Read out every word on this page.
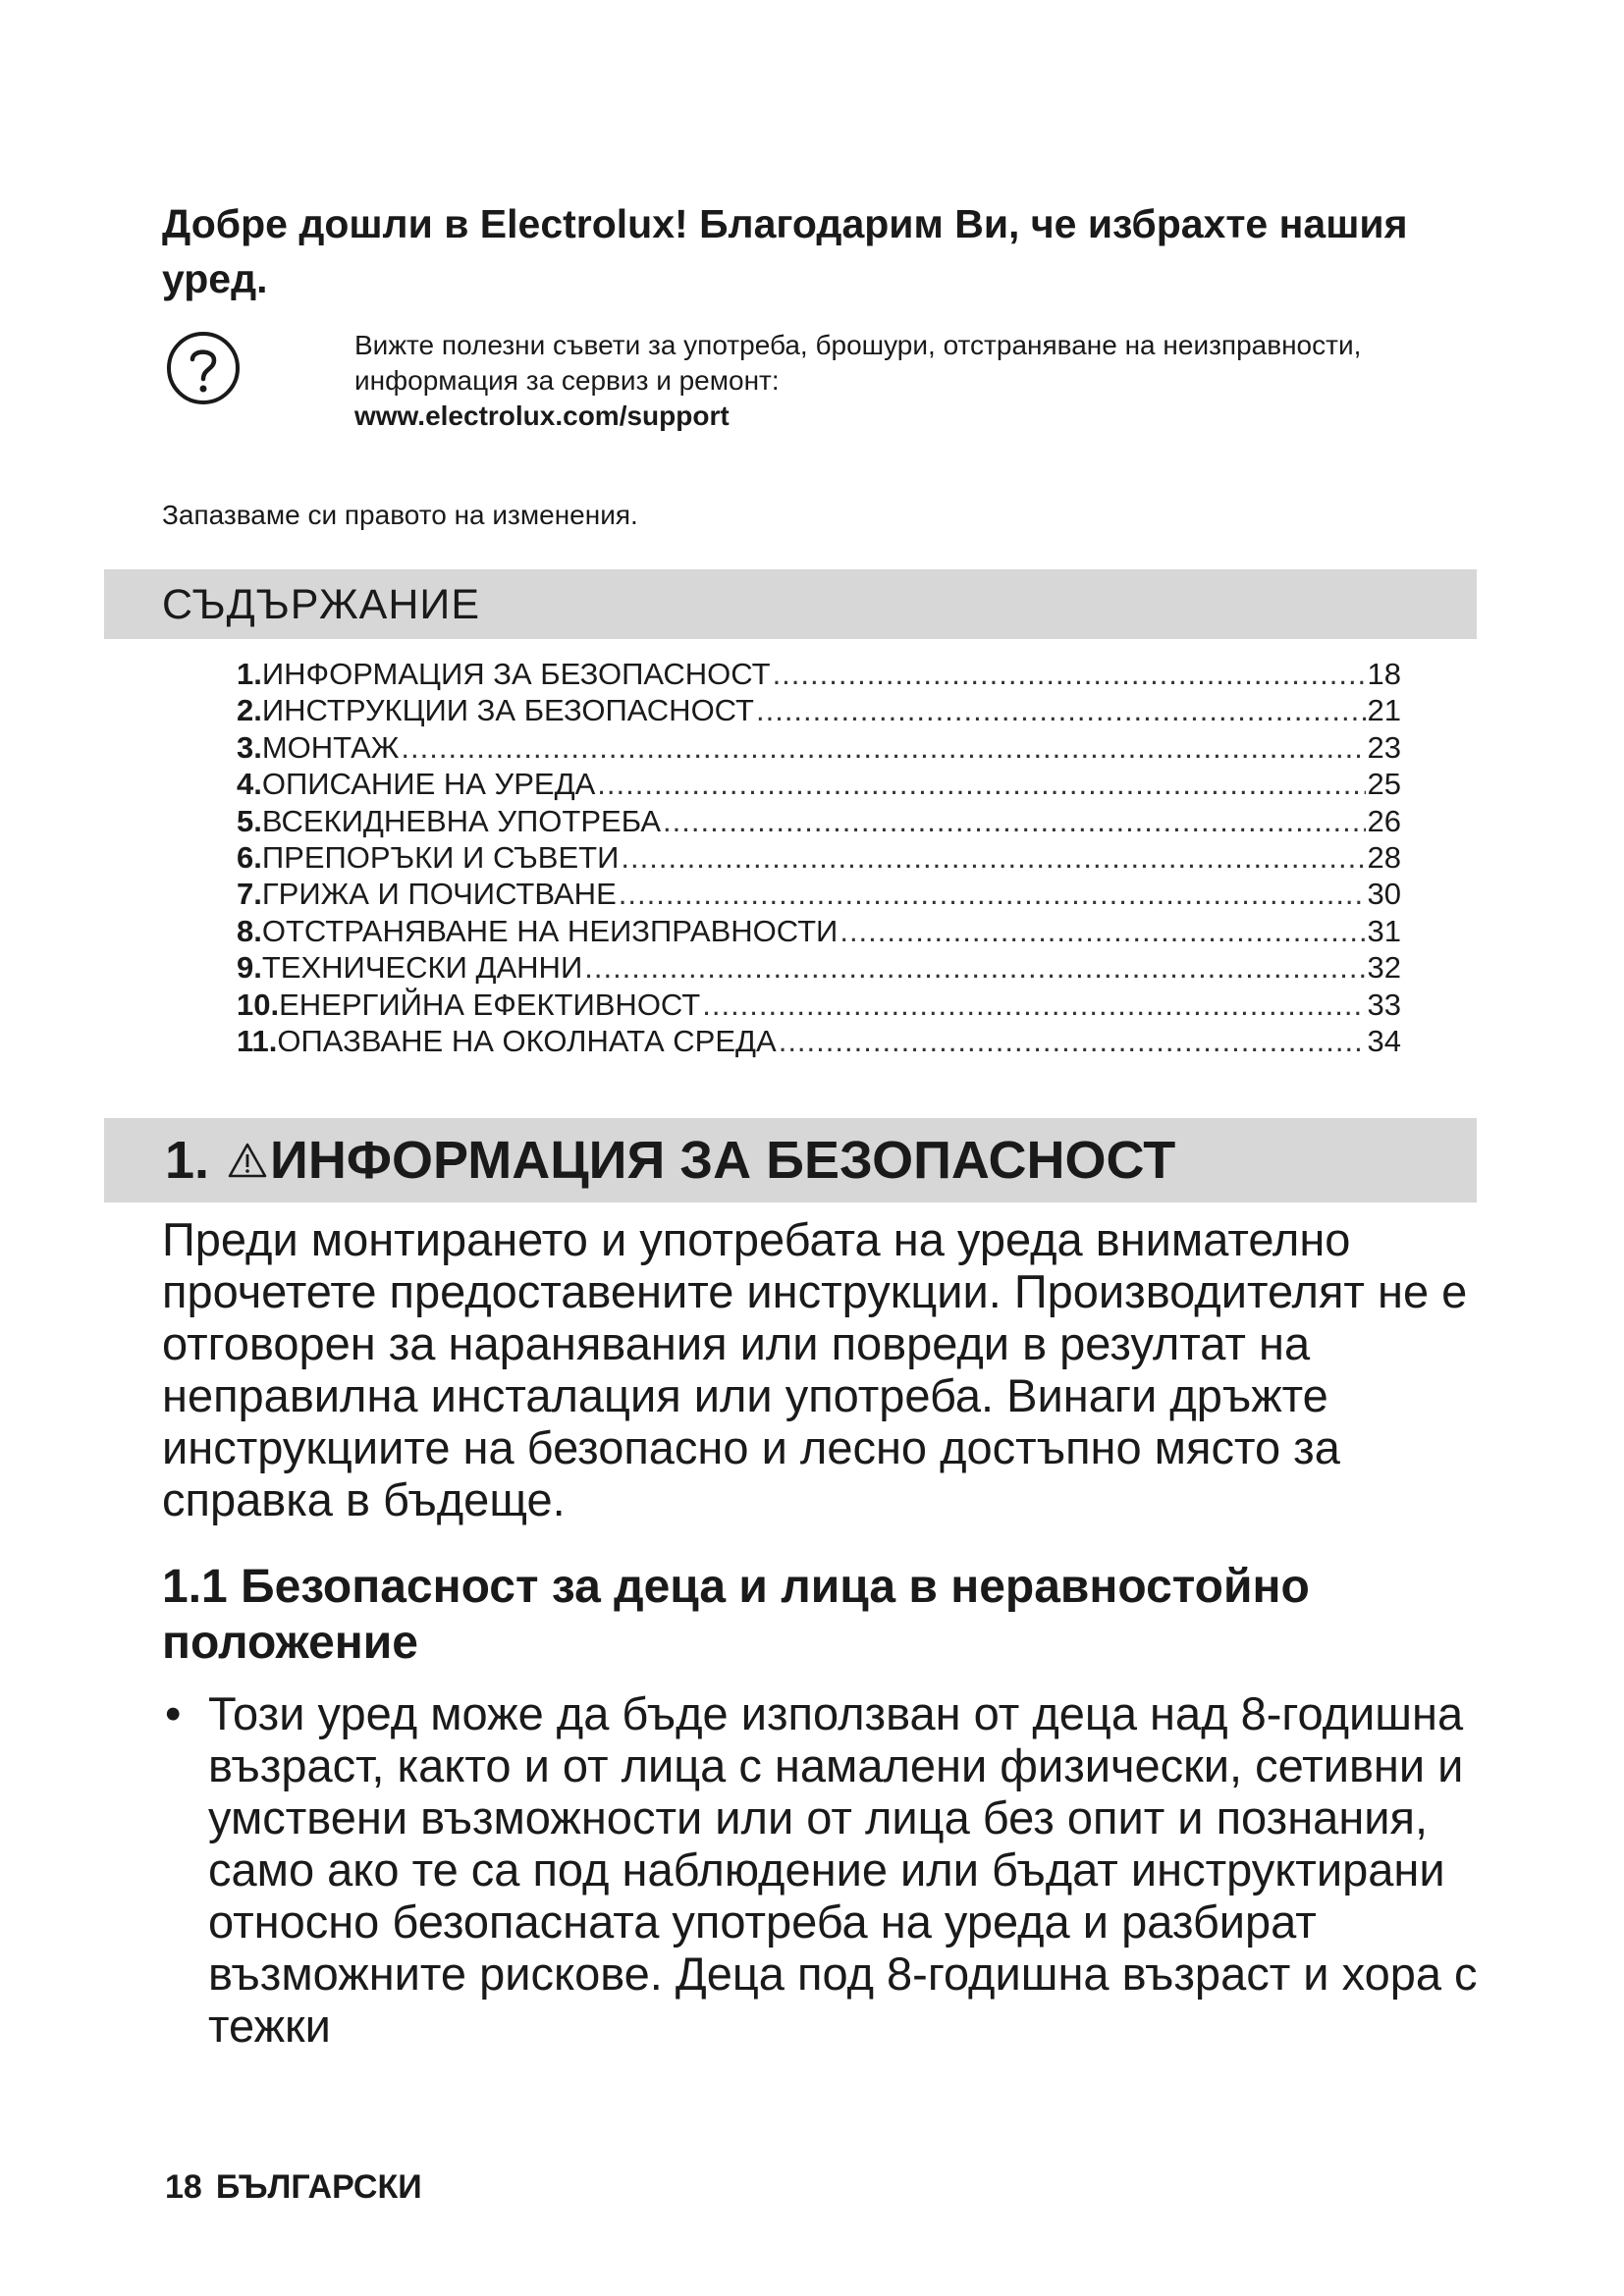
Добре дошли в Electrolux! Благодарим Ви, че избрахте нашия уред.
Вижте полезни съвети за употреба, брошури, отстраняване на неизправности,
информация за сервиз и ремонт:
www.electrolux.com/support
Запазваме си правото на изменения.
СЪДЪРЖАНИЕ
1. ИНФОРМАЦИЯ ЗА БЕЗОПАСНОСТ .....	18
2. ИНСТРУКЦИИ ЗА БЕЗОПАСНОСТ .....	21
3. МОНТАЖ .....	23
4. ОПИСАНИЕ НА УРЕДА .....	25
5. ВСЕКИДНЕВНА УПОТРЕБА .....	26
6. ПРЕПОРЪКИ И СЪВЕТИ .....	28
7. ГРИЖА И ПОЧИСТВАНЕ .....	30
8. ОТСТРАНЯВАНЕ НА НЕИЗПРАВНОСТИ .....	31
9. ТЕХНИЧЕСКИ ДАННИ .....	32
10. ЕНЕРГИЙНА ЕФЕКТИВНОСТ .....	33
11. ОПАЗВАНЕ НА ОКОЛНАТА СРЕДА .....	34
1. ИНФОРМАЦИЯ ЗА БЕЗОПАСНОСТ
Преди монтирането и употребата на уреда внимателно прочетете предоставените инструкции. Производителят не е отговорен за наранявания или повреди в резултат на неправилна инсталация или употреба. Винаги дръжте инструкциите на безопасно и лесно достъпно място за справка в бъдеще.
1.1 Безопасност за деца и лица в неравностойно положение
• Този уред може да бъде използван от деца над 8-годишна възраст, както и от лица с намалени физически, сетивни и умствени възможности или от лица без опит и познания, само ако те са под наблюдение или бъдат инструктирани относно безопасната употреба на уреда и разбират възможните рискове. Деца под 8-годишна възраст и хора с тежки
18 БЪЛГАРСКИ
